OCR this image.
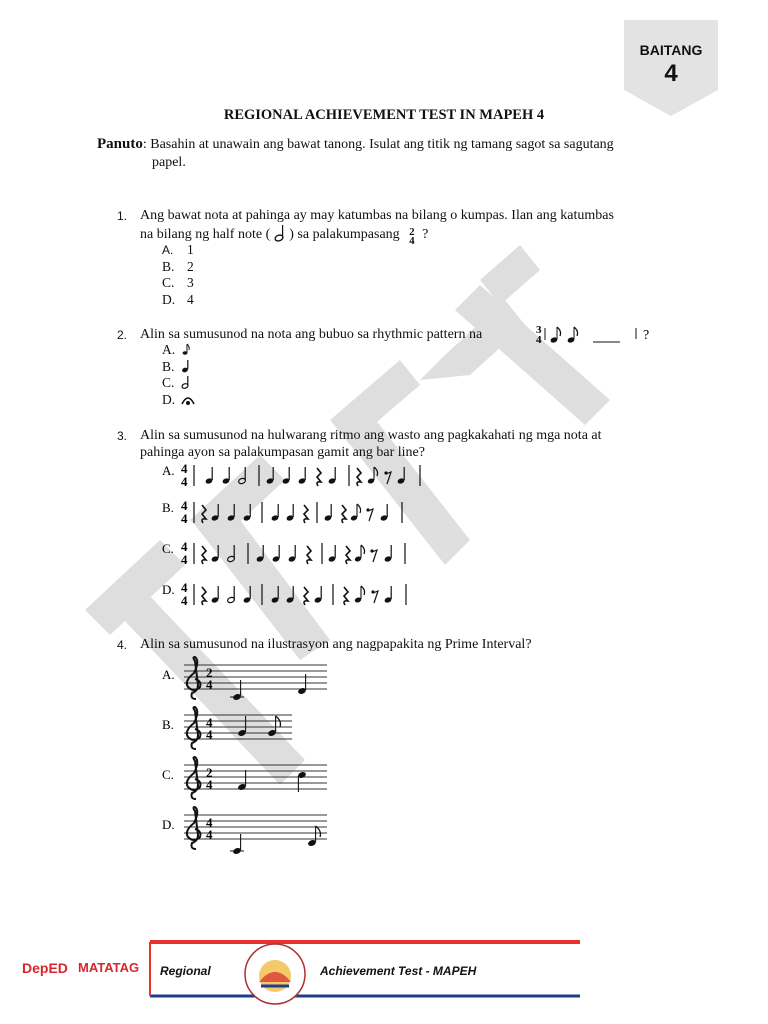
BAITANG
4
REGIONAL ACHIEVEMENT TEST IN MAPEH 4
Panuto: Basahin at unawain ang bawat tanong. Isulat ang titik ng tamang sagot sa sagutang
papel.
1. Ang bawat nota at pahinga ay may katumbas na bilang o kumpas. Ilan ang katumbas
na bilang ng half note ( ) sa palakumpasang 2
4 ?
A. 1
B. 2
C. 3
D. 4
2. Alin sa sumusunod na nota ang bubuo sa rhythmic pattern na	3
4	?
A.
B.
C.
D.
3. Alin sa sumusunod na hulwarang ritmo ang wasto ang pagkakahati ng mga nota at
pahinga ayon sa palakumpasan gamit ang bar line?
A. 4
4
B. 4
4
C. 4
4
D. 4
4
4. Alin sa sumusunod na ilustrasyon ang nagpapakita ng Prime Interval?
A. 2
4
B. 4
4
C. 2
4
D. 4
4
DepED MATATAG Regional	Achievement Test - MAPEH
